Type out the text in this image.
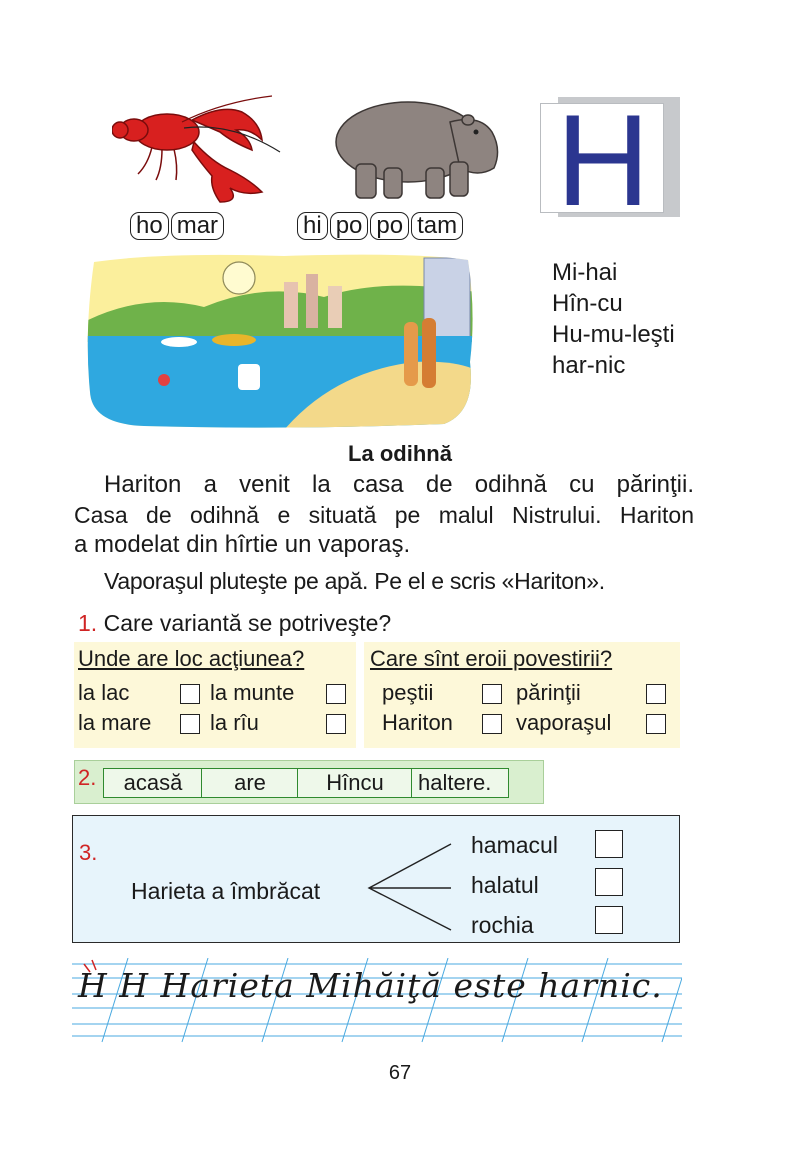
ho mar	hi po po tam H
Mi-hai
Hîn-cu
Hu-mu-leşti
har-nic
La odihnă
Hariton a venit la casa de odihnă cu părinţii.
Casa de odihnă e situată pe malul Nistrului. Hariton
a modelat din hîrtie un vaporaş.
Vaporaşul pluteşte pe apă. Pe el e scris «Hariton».
1. Care variantă se potriveşte?
Unde are loc acţiunea?
la lac	la munte
la mare	la rîu
Care sînt eroii povestirii?
peştii	părinţii
Hariton	vaporaşul
2.	acasă	are	Hîncu	haltere.
3.
Harieta a îmbrăcat
hamacul
halatul
rochia
H H Harieta Mihăiţă este harnic.
67
